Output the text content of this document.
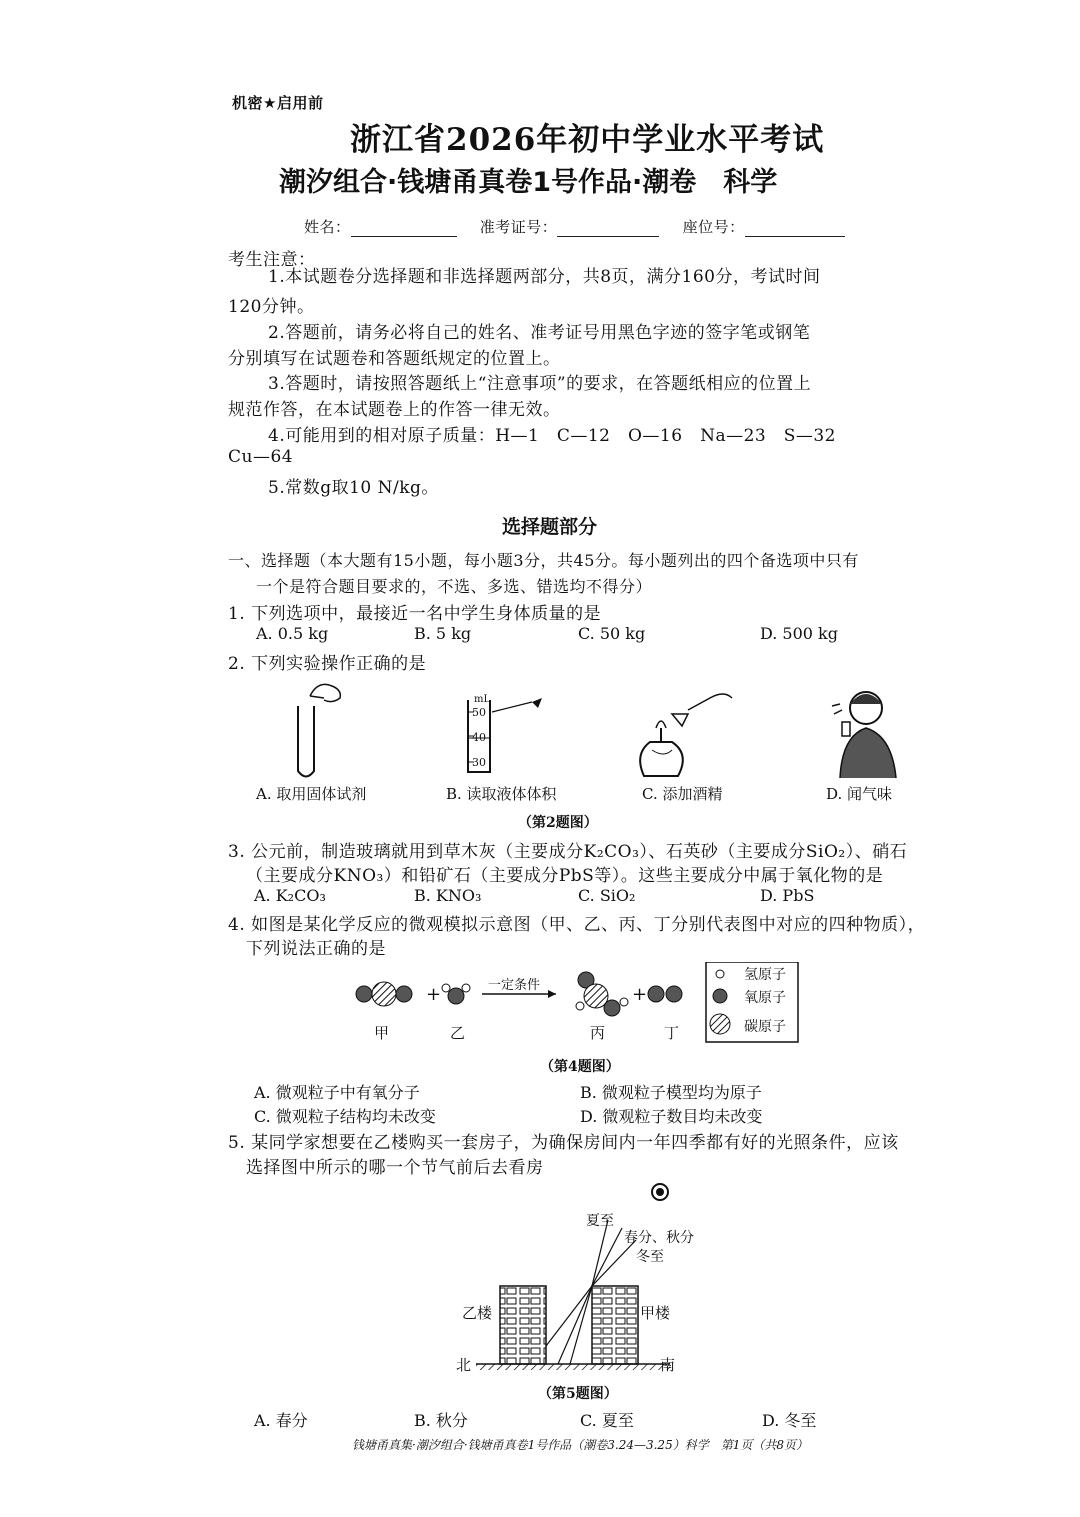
机密★启用前
浙江省2026年初中学业水平考试
潮汐组合·钱塘甬真卷1号作品·潮卷　科学
姓名：	准考证号：	座位号：
考生注意：
1.本试题卷分选择题和非选择题两部分，共8页，满分160分，考试时间
120分钟。
2.答题前，请务必将自己的姓名、准考证号用黑色字迹的签字笔或钢笔
分别填写在试题卷和答题纸规定的位置上。
3.答题时，请按照答题纸上“注意事项”的要求，在答题纸相应的位置上
规范作答，在本试题卷上的作答一律无效。
4.可能用到的相对原子质量：H—1　C—12　O—16　Na—23　S—32
Cu—64
5.常数g取10 N/kg。
选择题部分
一、选择题（本大题有15小题，每小题3分，共45分。每小题列出的四个备选项中只有
一个是符合题目要求的，不选、多选、错选均不得分）
1. 下列选项中，最接近一名中学生身体质量的是
A. 0.5 kg	B. 5 kg	C. 50 kg	D. 500 kg
2. 下列实验操作正确的是
mL
50
40
30
A. 取用固体试剂	B. 读取液体体积	C. 添加酒精	D. 闻气味
（第2题图）
3. 公元前，制造玻璃就用到草木灰（主要成分K₂CO₃）、石英砂（主要成分SiO₂）、硝石
（主要成分KNO₃）和铅矿石（主要成分PbS等）。这些主要成分中属于氧化物的是
A. K₂CO₃	B. KNO₃	C. SiO₂	D. PbS
4. 如图是某化学反应的微观模拟示意图（甲、乙、丙、丁分别代表图中对应的四种物质），
下列说法正确的是
+	+
一定条件
氢原子
氧原子
碳原子
甲	乙	丙	丁
（第4题图）
A. 微观粒子中有氧分子	B. 微观粒子模型均为原子
C. 微观粒子结构均未改变	D. 微观粒子数目均未改变
5. 某同学家想要在乙楼购买一套房子，为确保房间内一年四季都有好的光照条件，应该
选择图中所示的哪一个节气前后去看房
夏至
春分、秋分
冬至
乙楼	甲楼
北	南
（第5题图）
A. 春分	B. 秋分	C. 夏至	D. 冬至
钱塘甬真集·潮汐组合·钱塘甬真卷1号作品（潮卷3.24—3.25）科学　第1页（共8页）
